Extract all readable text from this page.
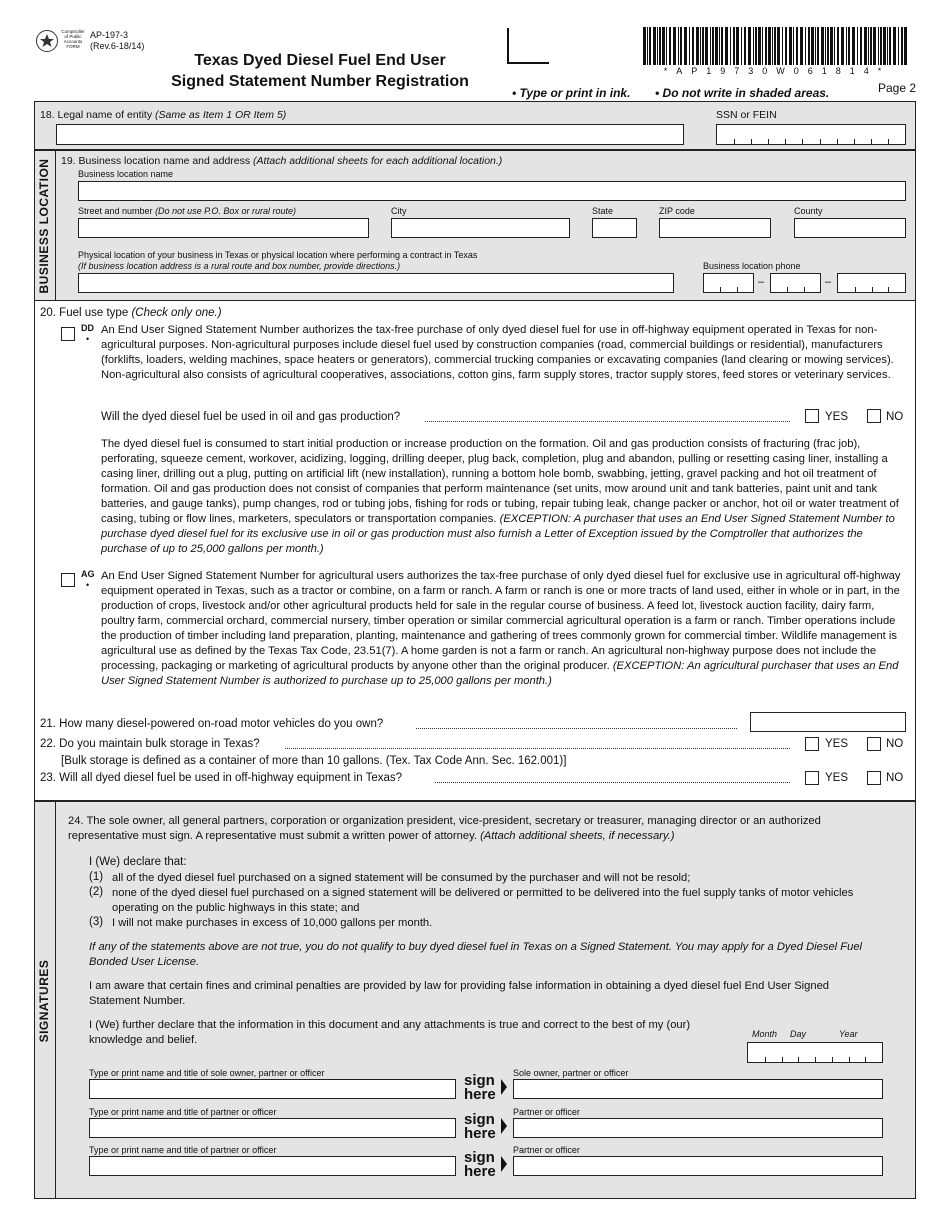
Comptroller of Public Accounts FORM
AP-197-3
(Rev.6-18/14)
Texas Dyed Diesel Fuel End User
Signed Statement Number Registration
*AP19730W061814*
• Type or print in ink. • Do not write in shaded areas.	Page 2
18. Legal name of entity (Same as Item 1 OR Item 5)	SSN or FEIN
BUSINESS LOCATION 19. Business location name and address (Attach additional sheets for each additional location.)
Business location name
Street and number (Do not use P.O. Box or rural route)	City	State	ZIP code	County
Physical location of your business in Texas or physical location where performing a contract in Texas
(If business location address is a rural route and box number, provide directions.)	Business location phone
–	–
20. Fuel use type (Check only one.)
DD
•
An End User Signed Statement Number authorizes the tax-free purchase of only dyed diesel fuel for use in off-highway equipment operated in Texas for non-agricultural purposes. Non-agricultural purposes include diesel fuel used by construction companies (road, commercial buildings or residential), manufacturers (forklifts, loaders, welding machines, space heaters or generators), commercial trucking companies or excavating companies (land clearing or mowing services). Non-agricultural also consists of agricultural cooperatives, associations, cotton gins, farm supply stores, tractor supply stores, feed stores or veterinary services.
Will the dyed diesel fuel be used in oil and gas production?	YES	NO
The dyed diesel fuel is consumed to start initial production or increase production on the formation. Oil and gas production consists of fracturing (frac job), perforating, squeeze cement, workover, acidizing, logging, drilling deeper, plug back, completion, plug and abandon, pulling or resetting casing liner, installing a casing liner, drilling out a plug, putting on artificial lift (new installation), running a bottom hole bomb, swabbing, jetting, gravel packing and hot oil treatment of formation. Oil and gas production does not consist of companies that perform maintenance (set units, mow around unit and tank batteries, paint unit and tank batteries, and gauge tanks), pump changes, rod or tubing jobs, fishing for rods or tubing, repair tubing leak, change packer or anchor, hot oil or water treatment of casing, tubing or flow lines, marketers, speculators or transportation companies. (EXCEPTION: A purchaser that uses an End User Signed Statement Number to purchase dyed diesel fuel for its exclusive use in oil or gas production must also furnish a Letter of Exception issued by the Comptroller that authorizes the purchase of up to 25,000 gallons per month.)
AG
•
An End User Signed Statement Number for agricultural users authorizes the tax-free purchase of only dyed diesel fuel for exclusive use in agricultural off-highway equipment operated in Texas, such as a tractor or combine, on a farm or ranch. A farm or ranch is one or more tracts of land used, either in whole or in part, in the production of crops, livestock and/or other agricultural products held for sale in the regular course of business. A feed lot, livestock auction facility, dairy farm, poultry farm, commercial orchard, commercial nursery, timber operation or similar commercial agricultural operation is a farm or ranch. Timber operations include the production of timber including land preparation, planting, maintenance and gathering of trees commonly grown for commercial timber. Wildlife management is agricultural use as defined by the Texas Tax Code, 23.51(7). A home garden is not a farm or ranch. An agricultural non-highway purpose does not include the processing, packaging or marketing of agricultural products by anyone other than the original producer. (EXCEPTION: An agricultural purchaser that uses an End User Signed Statement Number is authorized to purchase up to 25,000 gallons per month.)
21. How many diesel-powered on-road motor vehicles do you own?
22. Do you maintain bulk storage in Texas?	YES	NO
[Bulk storage is defined as a container of more than 10 gallons. (Tex. Tax Code Ann. Sec. 162.001)]
23. Will all dyed diesel fuel be used in off-highway equipment in Texas?	YES	NO
SIGNATURES
24. The sole owner, all general partners, corporation or organization president, vice-president, secretary or treasurer, managing director or an authorized representative must sign. A representative must submit a written power of attorney. (Attach additional sheets, if necessary.)
I (We) declare that:
(1) all of the dyed diesel fuel purchased on a signed statement will be consumed by the purchaser and will not be resold;
(2) none of the dyed diesel fuel purchased on a signed statement will be delivered or permitted to be delivered into the fuel supply tanks of motor vehicles operating on the public highways in this state; and
(3) I will not make purchases in excess of 10,000 gallons per month.
If any of the statements above are not true, you do not qualify to buy dyed diesel fuel in Texas on a Signed Statement. You may apply for a Dyed Diesel Fuel Bonded User License.
I am aware that certain fines and criminal penalties are provided by law for providing false information in obtaining a dyed diesel fuel End User Signed Statement Number.
I (We) further declare that the information in this document and any attachments is true and correct to the best of my (our) knowledge and belief.	Month Day	Year
Type or print name and title of sole owner, partner or officer	sign
here
Sole owner, partner or officer
Type or print name and title of partner or officer	sign
here
Partner or officer
Type or print name and title of partner or officer	sign
here
Partner or officer
